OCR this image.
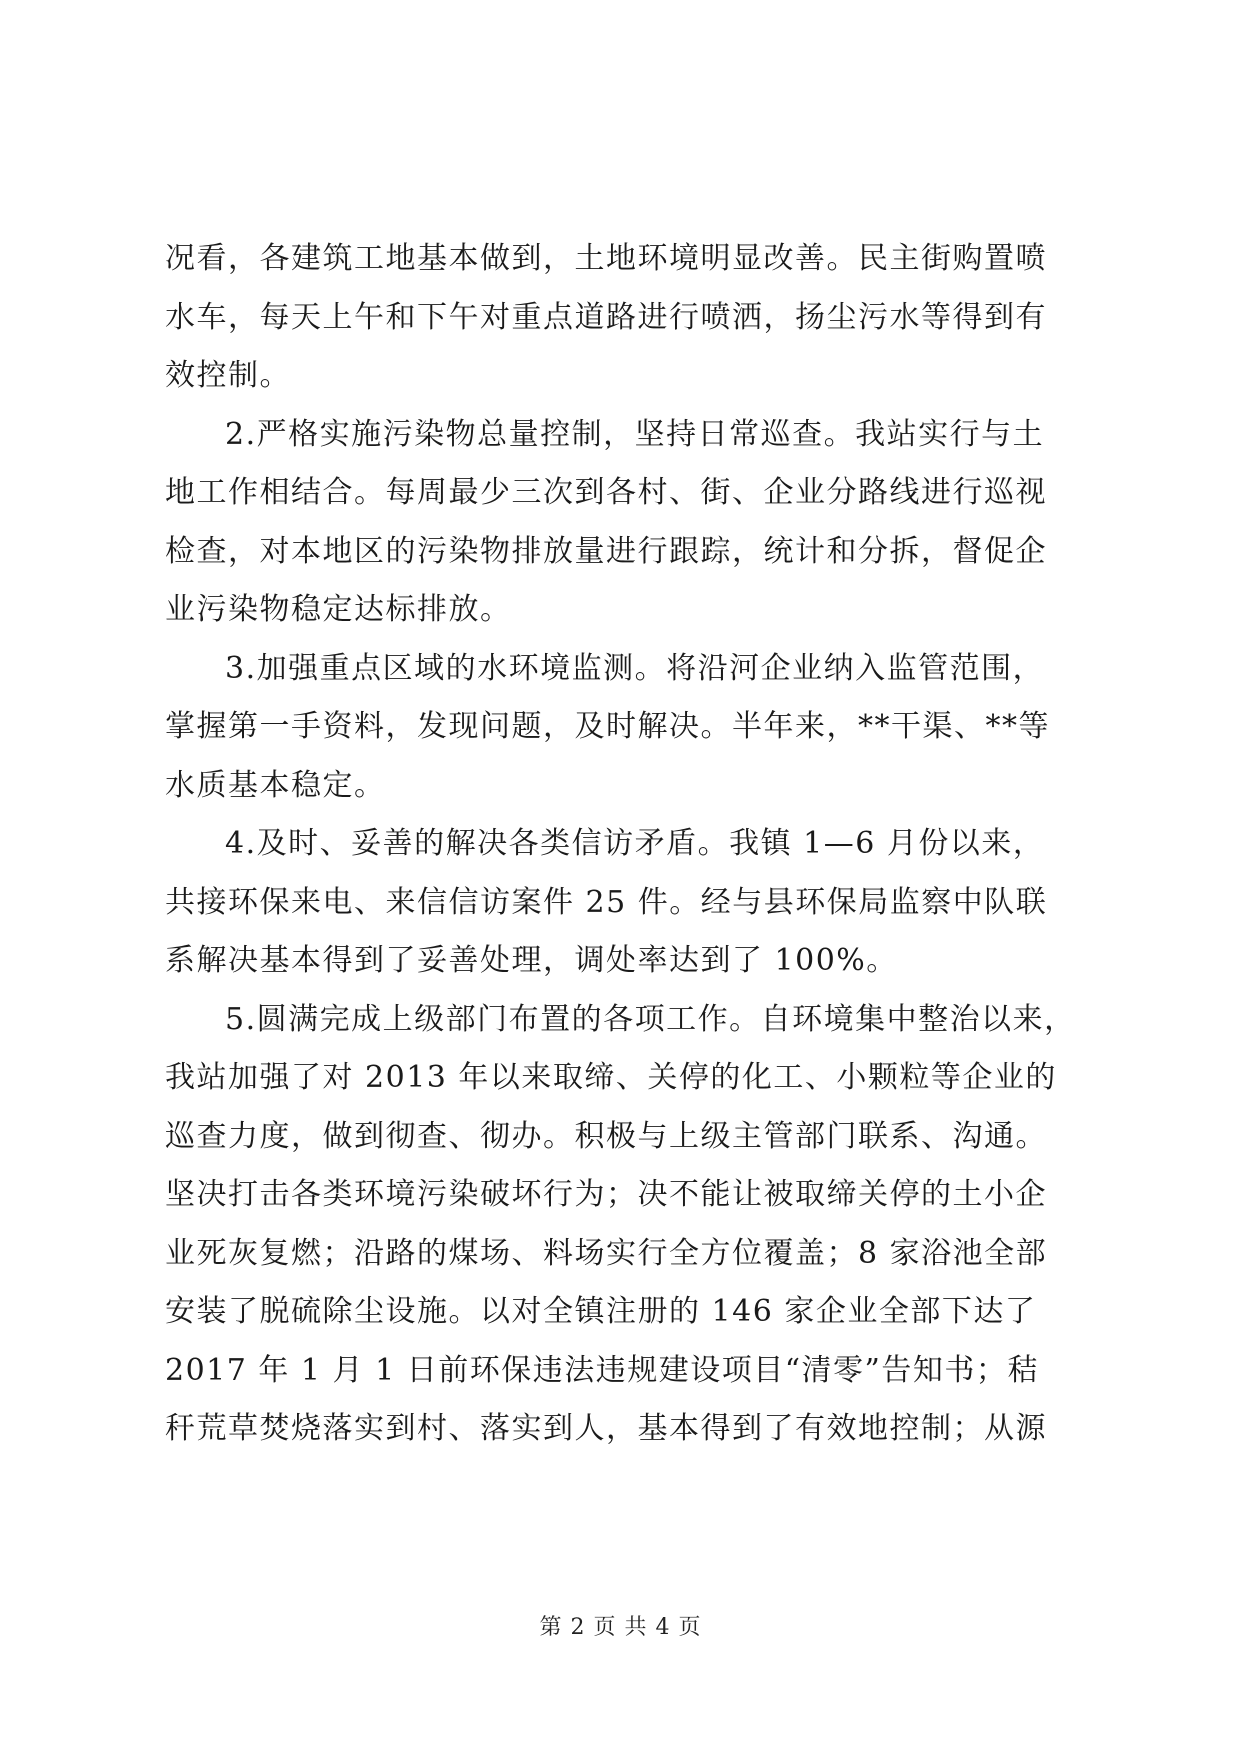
况看，各建筑工地基本做到，土地环境明显改善。民主街购置喷
水车，每天上午和下午对重点道路进行喷洒，扬尘污水等得到有
效控制。
2.严格实施污染物总量控制，坚持日常巡查。我站实行与土
地工作相结合。每周最少三次到各村、街、企业分路线进行巡视
检查，对本地区的污染物排放量进行跟踪，统计和分拆，督促企
业污染物稳定达标排放。
3.加强重点区域的水环境监测。将沿河企业纳入监管范围，
掌握第一手资料，发现问题，及时解决。半年来，**干渠、**等
水质基本稳定。
4.及时、妥善的解决各类信访矛盾。我镇 1—6 月份以来，
共接环保来电、来信信访案件 25 件。经与县环保局监察中队联
系解决基本得到了妥善处理，调处率达到了 100%。
5.圆满完成上级部门布置的各项工作。自环境集中整治以来，
我站加强了对 2013 年以来取缔、关停的化工、小颗粒等企业的
巡查力度，做到彻查、彻办。积极与上级主管部门联系、沟通。
坚决打击各类环境污染破坏行为；决不能让被取缔关停的土小企
业死灰复燃；沿路的煤场、料场实行全方位覆盖；8 家浴池全部
安装了脱硫除尘设施。以对全镇注册的 146 家企业全部下达了
2017 年 1 月 1 日前环保违法违规建设项目“清零”告知书；秸
秆荒草焚烧落实到村、落实到人，基本得到了有效地控制；从源
第 2 页 共 4 页
